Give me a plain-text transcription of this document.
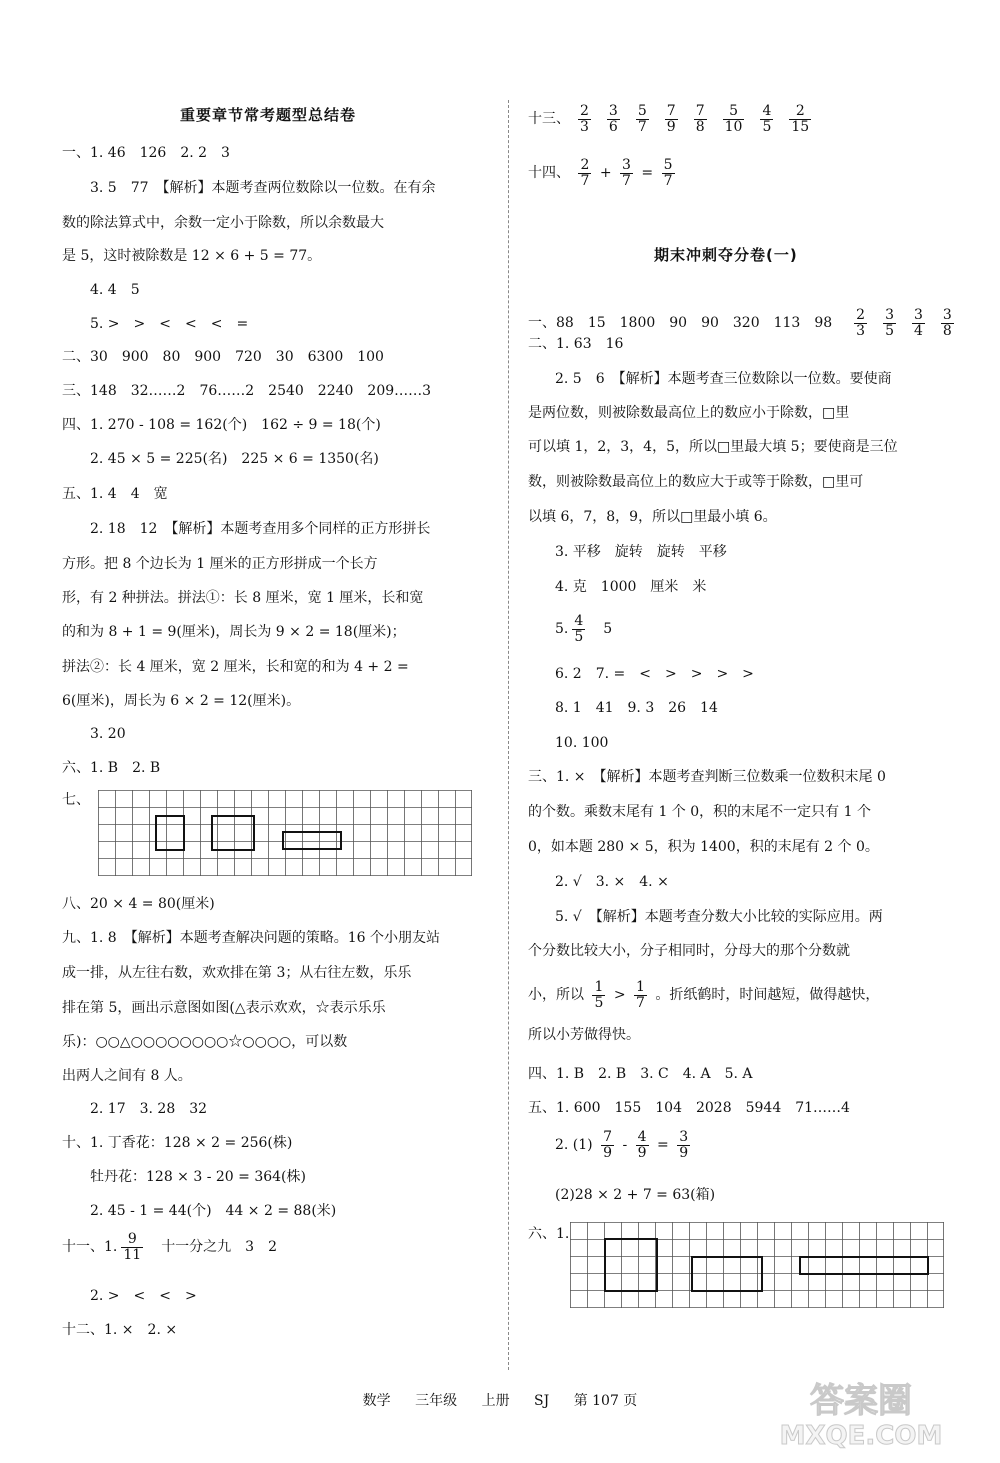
重要章节常考题型总结卷
一、1. 46　126　2. 2　3
3. 5　77　【解析】本题考查两位数除以一位数。在有余
数的除法算式中，余数一定小于除数，所以余数最大
是 5，这时被除数是 12 × 6 + 5 = 77。
4. 4　5
5. >　>　<　<　<　=
二、30　900　80　900　720　30　6300　100
三、148　32……2　76……2　2540　2240　209……3
四、1. 270 - 108 = 162(个)　162 ÷ 9 = 18(个)
2. 45 × 5 = 225(名)　225 × 6 = 1350(名)
五、1. 4　4　宽
2. 18　12　【解析】本题考查用多个同样的正方形拼长
方形。把 8 个边长为 1 厘米的正方形拼成一个长方
形，有 2 种拼法。拼法①：长 8 厘米，宽 1 厘米，长和宽
的和为 8 + 1 = 9(厘米)，周长为 9 × 2 = 18(厘米)；
拼法②：长 4 厘米，宽 2 厘米，长和宽的和为 4 + 2 =
6(厘米)，周长为 6 × 2 = 12(厘米)。
3. 20
六、1. B　2. B
七、
八、20 × 4 = 80(厘米)
九、1. 8　【解析】本题考查解决问题的策略。16 个小朋友站
成一排，从左往右数，欢欢排在第 3；从右往左数，乐乐
排在第 5，画出示意图如图(△表示欢欢，☆表示乐乐
乐)：○○△○○○○○○○○☆○○○○，可以数
出两人之间有 8 人。
2. 17　3. 28　32
十、1. 丁香花：128 × 2 = 256(株)
牡丹花：128 × 3 - 20 = 364(株)
2. 45 - 1 = 44(个)　44 × 2 = 88(米)
十一、1. $\frac{9}{11}$
　 十一分之九　3　2
2. >　<　<　>
十二、1. ×　2. ×
十三、 $\frac{2}{3} \frac{3}{6} \frac{5}{7} \frac{7}{9} \frac{7}{8} \frac{5}{10} \frac{4}{5} \frac{2}{15}$
十四、 $\frac{2}{7} + \frac{3}{7} = \frac{5}{7}$
期末冲刺夺分卷(一)
一、88　15　1800　90　90　320　113　98　 $\frac{2}{3} \frac{3}{5} \frac{3}{4} \frac{3}{8}$
二、1. 63　16
2. 5　6　【解析】本题考查三位数除以一位数。要使商
是两位数，则被除数最高位上的数应小于除数，□里
可以填 1，2，3，4，5，所以□里最大填 5；要使商是三位
数，则被除数最高位上的数应大于或等于除数，□里可
以填 6，7，8，9，所以□里最小填 6。
3. 平移　旋转　旋转　平移
4. 克　1000　厘米　米
5. $\frac{4}{5}$
　 5
6. 2　7. =　<　>　>　>　>
8. 1　41　9. 3　26　14
10. 100
三、1. ×　【解析】本题考查判断三位数乘一位数积末尾 0
的个数。乘数末尾有 1 个 0，积的末尾不一定只有 1 个
0，如本题 280 × 5，积为 1400，积的末尾有 2 个 0。
2. √　3. ×　4. ×
5. √　【解析】本题考查分数大小比较的实际应用。两
个分数比较大小，分子相同时，分母大的那个分数就
小，所以 $\frac{1}{5} > \frac{1}{7}$ 。折纸鹤时，时间越短，做得越快，
所以小芳做得快。
四、1. B　2. B　3. C　4. A　5. A
五、1. 600　155　104　2028　5944　71……4
2. $(1) \frac{7}{9} - \frac{4}{9} = \frac{3}{9}$
(2)28 × 2 + 7 = 63(箱)
六、1.
数学 三年级 上册 SJ 第 107 页	答案圈
MXQE.COM
